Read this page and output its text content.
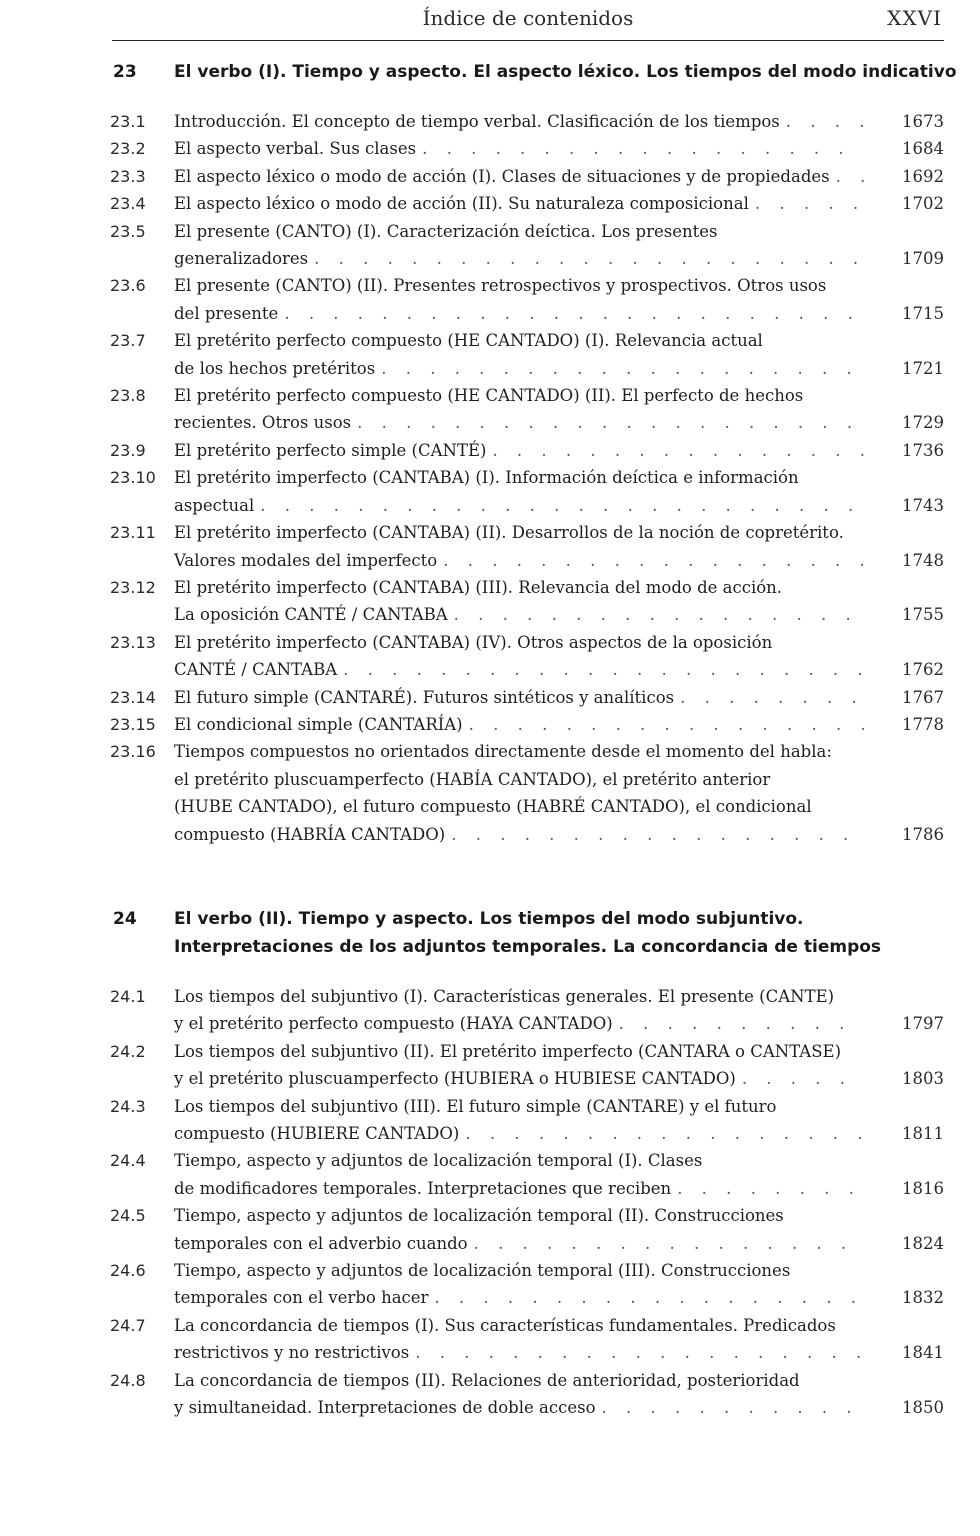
Índice de contenidos	XXVI
23 El verbo (I). Tiempo y aspecto. El aspecto léxico. Los tiempos del modo indicativo
23.1 Introducción. El concepto de tiempo verbal. Clasificación de los tiempos . . .	1673
23.2 El aspecto verbal. Sus clases . . .	1684
23.3 El aspecto léxico o modo de acción (I). Clases de situaciones y de propiedades . . .	1692
23.4 El aspecto léxico o modo de acción (II). Su naturaleza composicional . . .	1702
23.5 El presente (CANTO) (I). Caracterización deíctica. Los presentes
generalizadores . . .	1709
23.6 El presente (CANTO) (II). Presentes retrospectivos y prospectivos. Otros usos
del presente . . .	1715
23.7 El pretérito perfecto compuesto (HE CANTADO) (I). Relevancia actual
de los hechos pretéritos . . .	1721
23.8 El pretérito perfecto compuesto (HE CANTADO) (II). El perfecto de hechos
recientes. Otros usos . . .	1729
23.9 El pretérito perfecto simple (CANTÉ) . . .	1736
23.10 El pretérito imperfecto (CANTABA) (I). Información deíctica e información
aspectual . . .	1743
23.11 El pretérito imperfecto (CANTABA) (II). Desarrollos de la noción de copretérito.
Valores modales del imperfecto . . .	1748
23.12 El pretérito imperfecto (CANTABA) (III). Relevancia del modo de acción.
La oposición CANTÉ / CANTABA . . .	1755
23.13 El pretérito imperfecto (CANTABA) (IV). Otros aspectos de la oposición
CANTÉ / CANTABA . . .	1762
23.14 El futuro simple (CANTARÉ). Futuros sintéticos y analíticos . . .	1767
23.15 El condicional simple (CANTARÍA) . . .	1778
23.16 Tiempos compuestos no orientados directamente desde el momento del habla:
el pretérito pluscuamperfecto (HABÍA CANTADO), el pretérito anterior
(HUBE CANTADO), el futuro compuesto (HABRÉ CANTADO), el condicional
compuesto (HABRÍA CANTADO) . . .	1786
24 El verbo (II). Tiempo y aspecto. Los tiempos del modo subjuntivo.
Interpretaciones de los adjuntos temporales. La concordancia de tiempos
24.1 Los tiempos del subjuntivo (I). Características generales. El presente (CANTE)
y el pretérito perfecto compuesto (HAYA CANTADO) . . .	1797
24.2 Los tiempos del subjuntivo (II). El pretérito imperfecto (CANTARA o CANTASE)
y el pretérito pluscuamperfecto (HUBIERA o HUBIESE CANTADO) . . .	1803
24.3 Los tiempos del subjuntivo (III). El futuro simple (CANTARE) y el futuro
compuesto (HUBIERE CANTADO) . . .	1811
24.4 Tiempo, aspecto y adjuntos de localización temporal (I). Clases
de modificadores temporales. Interpretaciones que reciben . . .	1816
24.5 Tiempo, aspecto y adjuntos de localización temporal (II). Construcciones
temporales con el adverbio cuando . . .	1824
24.6 Tiempo, aspecto y adjuntos de localización temporal (III). Construcciones
temporales con el verbo hacer . . .	1832
24.7 La concordancia de tiempos (I). Sus características fundamentales. Predicados
restrictivos y no restrictivos . . .	1841
24.8 La concordancia de tiempos (II). Relaciones de anterioridad, posterioridad
y simultaneidad. Interpretaciones de doble acceso . . .	1850
